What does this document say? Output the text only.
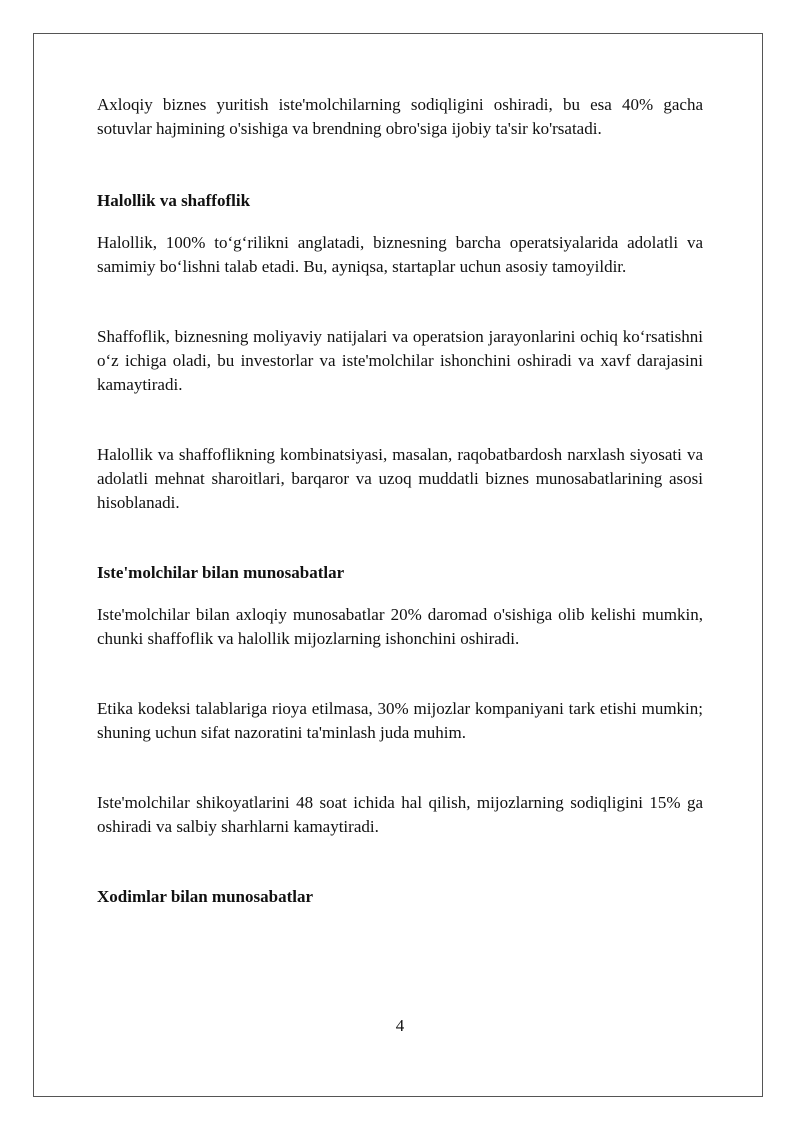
Axloqiy biznes yuritish iste'molchilarning sodiqligini oshiradi, bu esa 40% gacha sotuvlar hajmining o'sishiga va brendning obro'siga ijobiy ta'sir ko'rsatadi.

Halollik va shaffoflik

Halollik, 100% to‘g‘rilikni anglatadi, biznesning barcha operatsiyalarida adolatli va samimiy bo‘lishni talab etadi. Bu, ayniqsa, startaplar uchun asosiy tamoyildir.

Shaffoflik, biznesning moliyaviy natijalari va operatsion jarayonlarini ochiq ko‘rsatishni o‘z ichiga oladi, bu investorlar va iste'molchilar ishonchini oshiradi va xavf darajasini kamaytiradi.

Halollik va shaffoflikning kombinatsiyasi, masalan, raqobatbardosh narxlash siyosati va adolatli mehnat sharoitlari, barqaror va uzoq muddatli biznes munosabatlarining asosi hisoblanadi.

Iste'molchilar bilan munosabatlar

Iste'molchilar bilan axloqiy munosabatlar 20% daromad o'sishiga olib kelishi mumkin, chunki shaffoflik va halollik mijozlarning ishonchini oshiradi.

Etika kodeksi talablariga rioya etilmasa, 30% mijozlar kompaniyani tark etishi mumkin; shuning uchun sifat nazoratini ta'minlash juda muhim.

Iste'molchilar shikoyatlarini 48 soat ichida hal qilish, mijozlarning sodiqligini 15% ga oshiradi va salbiy sharhlarni kamaytiradi.

Xodimlar bilan munosabatlar

4
